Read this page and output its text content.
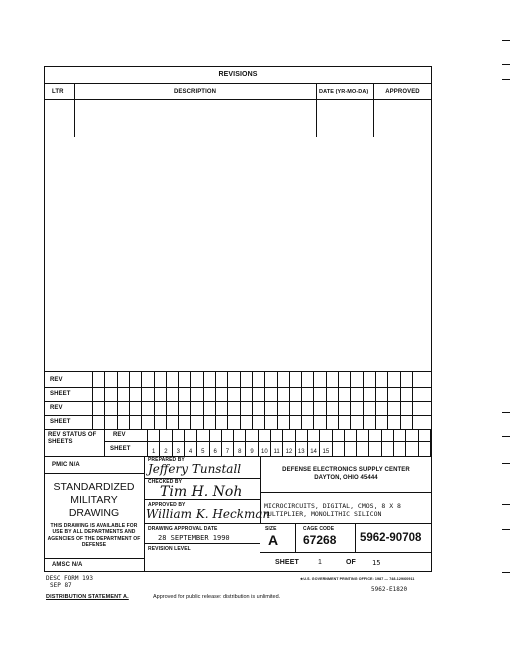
REVISIONS
LTR	DESCRIPTION	DATE (YR-MO-DA)	APPROVED
REV
SHEET
REV
SHEET
REV STATUS OF SHEETS
REV
SHEET	1	2	3	4	5	6	7	8	9	10 11 12 13 14 15
PMIC N/A
STANDARDIZED
MILITARY
DRAWING
THIS DRAWING IS AVAILABLE FOR USE BY ALL DEPARTMENTS AND AGENCIES OF THE DEPARTMENT OF DEFENSE
AMSC N/A
PREPARED BY
Jeffery Tunstall
CHECKED BY
Tim H. Noh
APPROVED BY
William K. Heckman
DRAWING APPROVAL DATE
28 SEPTEMBER 1990
REVISION LEVEL
DEFENSE ELECTRONICS SUPPLY CENTER
DAYTON, OHIO 45444
MICROCIRCUITS, DIGITAL, CMOS, 8 X 8
MULTIPLIER, MONOLITHIC SILICON
SIZE
A
CAGE CODE
67268 5962-90708
SHEET	1	OF 15
DESC FORM 193
SEP 87
★U.S. GOVERNMENT PRINTING OFFICE: 1987 — 748-129/60911
5962-E1820
DISTRIBUTION STATEMENT A.	Approved for public release: distribution is unlimited.
